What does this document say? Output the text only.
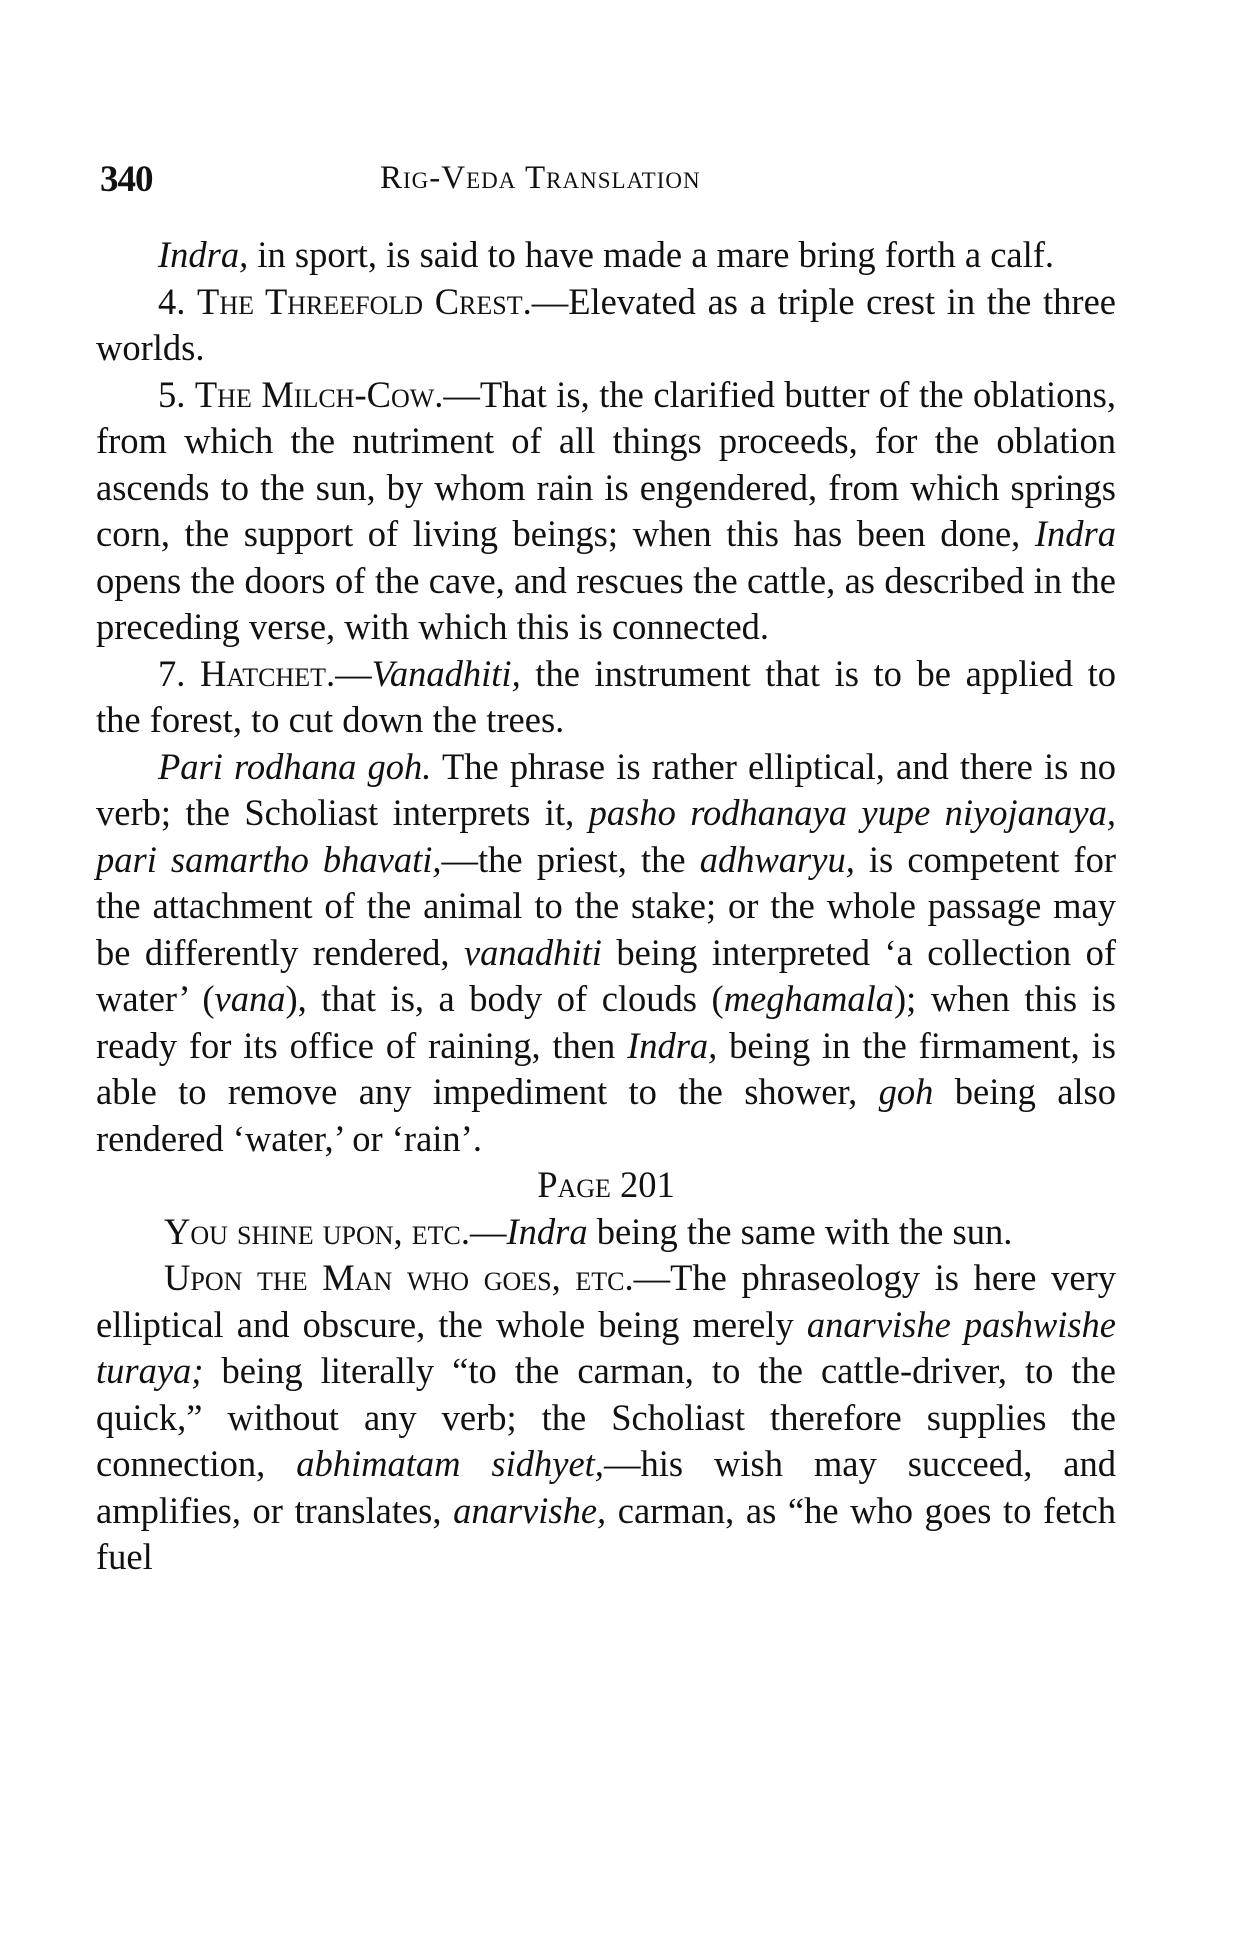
340	Rig-Veda Translation

Indra, in sport, is said to have made a mare bring forth a calf.

4. The Threefold Crest.—Elevated as a triple crest in the three worlds.

5. The Milch-Cow.—That is, the clarified butter of the oblations, from which the nutriment of all things proceeds, for the oblation ascends to the sun, by whom rain is engendered, from which springs corn, the support of living beings; when this has been done, Indra opens the doors of the cave, and rescues the cattle, as described in the preceding verse, with which this is connected.

7. Hatchet.—Vanadhiti, the instrument that is to be applied to the forest, to cut down the trees.

Pari rodhana goh. The phrase is rather elliptical, and there is no verb; the Scholiast interprets it, pasho rodhanaya yupe niyojanaya, pari samartho bhavati,—the priest, the adhwaryu, is competent for the attachment of the animal to the stake; or the whole passage may be differently rendered, vanadhiti being interpreted ‘a collection of water’ (vana), that is, a body of clouds (meghamala); when this is ready for its office of raining, then Indra, being in the firmament, is able to remove any impediment to the shower, goh being also rendered ‘water,’ or ‘rain’.

Page 201

You shine upon, etc.—Indra being the same with the sun.

Upon the Man who goes, etc.—The phraseology is here very elliptical and obscure, the whole being merely anarvishe pashwishe turaya; being literally “to the carman, to the cattle-driver, to the quick,” without any verb; the Scholiast therefore supplies the connection, abhimatam sidhyet,—his wish may succeed, and amplifies, or translates, anarvishe, carman, as “he who goes to fetch fuel
